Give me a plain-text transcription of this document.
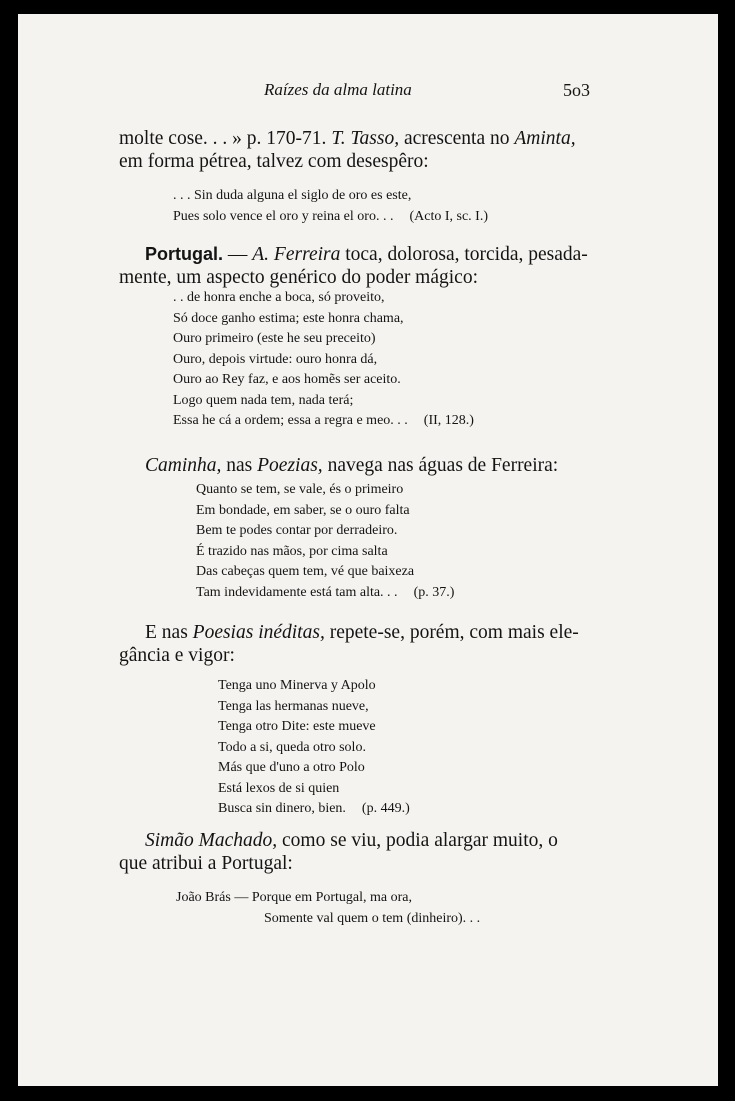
Raízes da alma latina	5o3

molte cose. . . » p. 170-71. T. Tasso, acrescenta no Aminta,

em forma pétrea, talvez com desespêro:

. . . Sin duda alguna el siglo de oro es este,
Pues solo vence el oro y reina el oro. . . (Acto I, sc. I.)

Portugal. — A. Ferreira toca, dolorosa, torcida, pesada-

mente, um aspecto genérico do poder mágico:

. . de honra enche a boca, só proveito,
Só doce ganho estima; este honra chama,
Ouro primeiro (este he seu preceito)
Ouro, depois virtude: ouro honra dá,
Ouro ao Rey faz, e aos homẽs ser aceito.
Logo quem nada tem, nada terá;
Essa he cá a ordem; essa a regra e meo. . . (II, 128.)

Caminha, nas Poezias, navega nas águas de Ferreira:

Quanto se tem, se vale, és o primeiro
Em bondade, em saber, se o ouro falta
Bem te podes contar por derradeiro.
É trazido nas mãos, por cima salta
Das cabeças quem tem, vé que baixeza
Tam indevidamente está tam alta. . . (p. 37.)

E nas Poesias inéditas, repete-se, porém, com mais ele-

gância e vigor:

Tenga uno Minerva y Apolo
Tenga las hermanas nueve,
Tenga otro Dite: este mueve
Todo a si, queda otro solo.
Más que d'uno a otro Polo
Está lexos de si quien
Busca sin dinero, bien. (p. 449.)

Simão Machado, como se viu, podia alargar muito, o

que atribui a Portugal:

João Brás — Porque em Portugal, ma ora,
Somente val quem o tem (dinheiro). . .
